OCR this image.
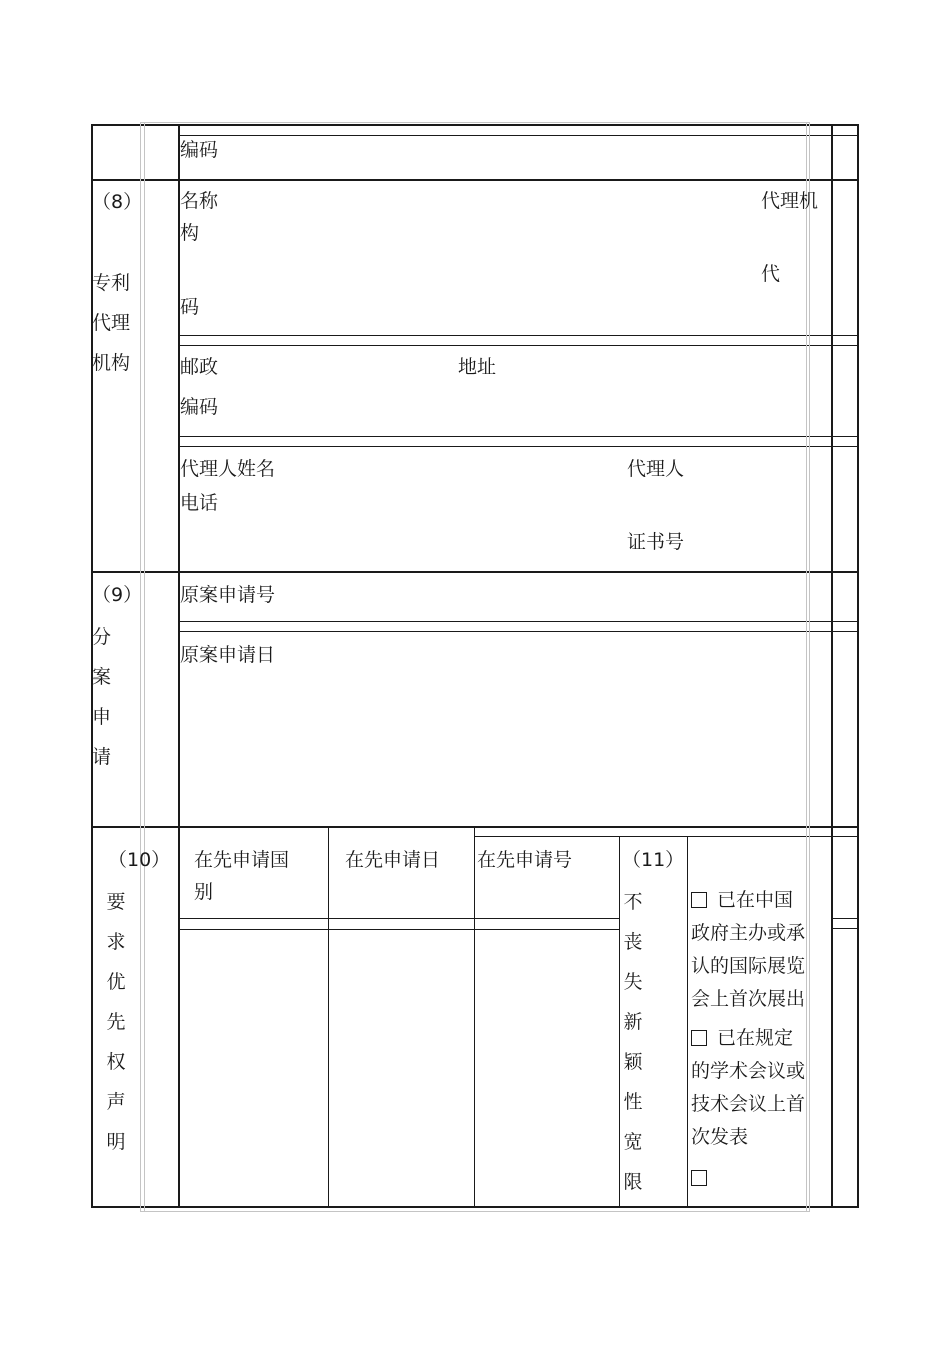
编码
（8）
专利
代理
机构
名称	代理机
构
代
码
邮政
编码
地址
代理人姓名
电话
代理人
证书号
（9）
分
案
申
请
原案申请号
原案申请日
（10）
要
求
优
先
权
声
明
在先申请国
别
在先申请日 在先申请号	（11）
不
丧
失
新
颖
性
宽
限
已在中国
政府主办或承
认的国际展览
会上首次展出
已在规定
的学术会议或
技术会议上首
次发表
